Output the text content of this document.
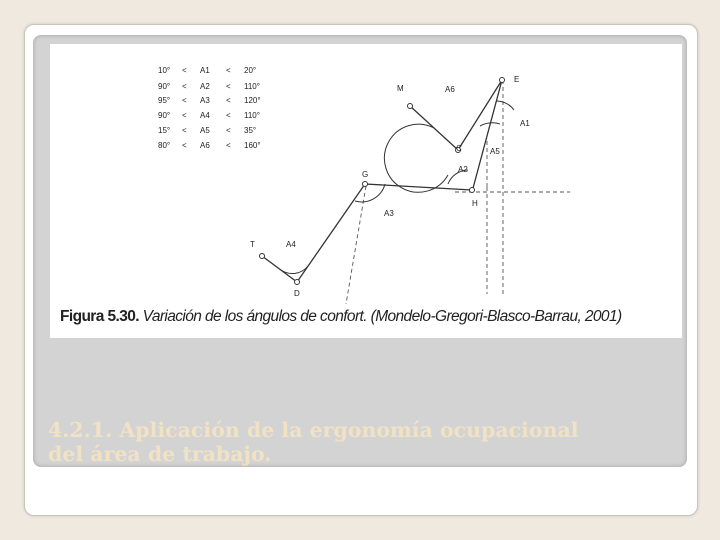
10° < A1 < 20°
90° < A2 < 110°
95° < A3 < 120°
90° < A4 < 110°
15° < A5 < 35°
80° < A6 < 160°
E
M
C
G
H
T
D
A6
A1
A5
A2
A3
A4
Figura 5.30. Variación de los ángulos de confort. (Mondelo-Gregori-Blasco-Barrau, 2001)
4.2.1. Aplicación de la ergonomía ocupacional
del área de trabajo.
